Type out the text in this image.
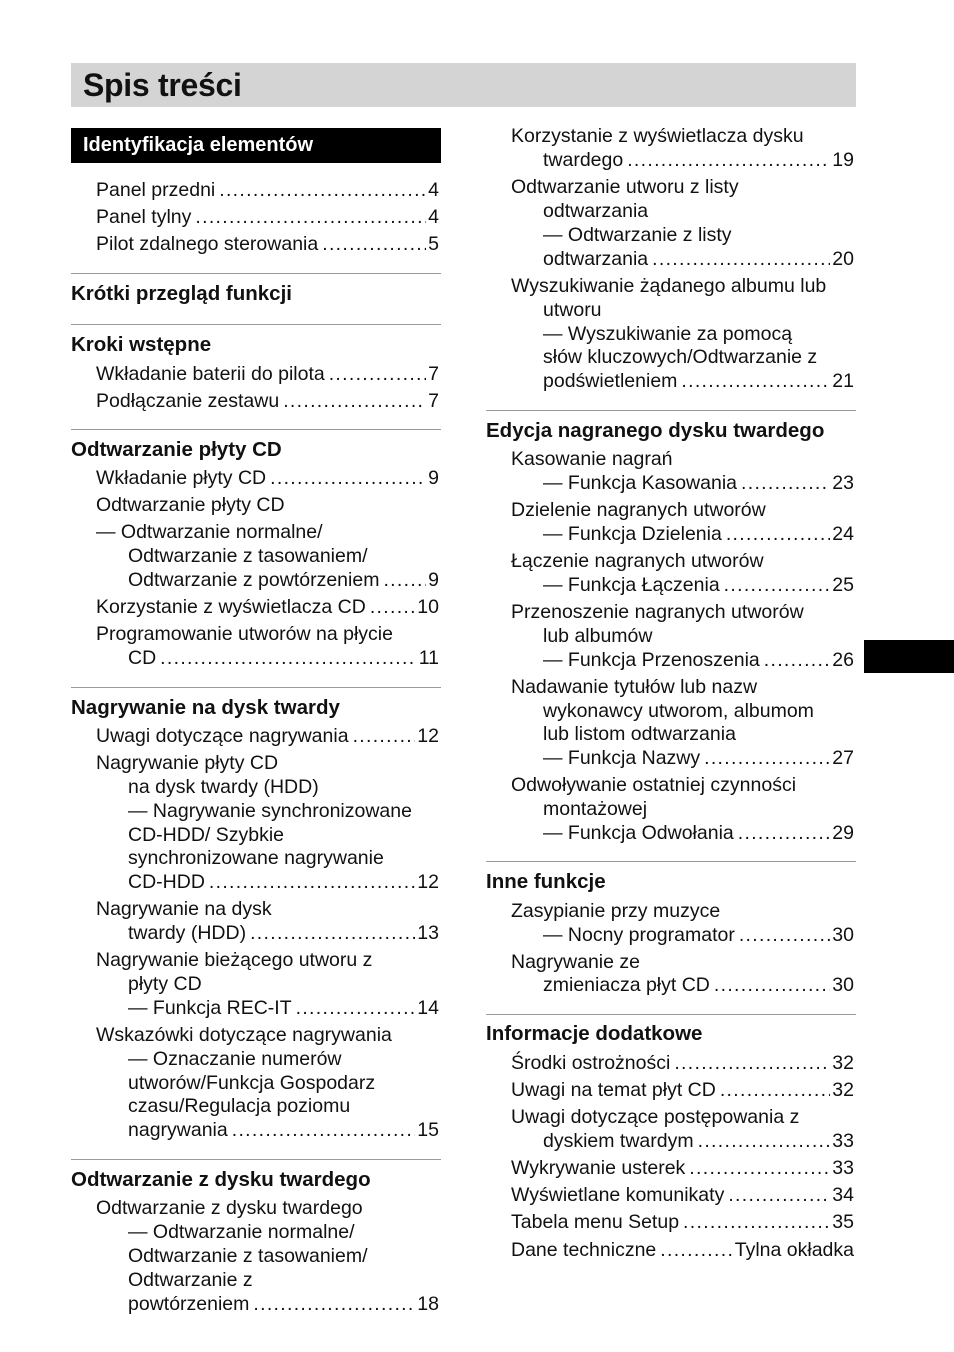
Spis treści
Identyfikacja elementów
Panel przedni .....	4
Panel tylny .....	4
Pilot zdalnego sterowania .....	5
Krótki przegląd funkcji
Kroki wstępne
Wkładanie baterii do pilota .....	7
Podłączanie zestawu .....	7
Odtwarzanie płyty CD
Wkładanie płyty CD .....	9
Odtwarzanie płyty CD
— Odtwarzanie normalne/
Odtwarzanie z tasowaniem/
Odtwarzanie z powtórzeniem ..... 9
Korzystanie z wyświetlacza CD .....	10
Programowanie utworów na płycie
CD .....	11
Nagrywanie na dysk twardy
Uwagi dotyczące nagrywania .....	12
Nagrywanie płyty CD
na dysk twardy (HDD)
— Nagrywanie synchronizowane
CD-HDD/ Szybkie
synchronizowane nagrywanie
CD-HDD .....	12
Nagrywanie na dysk
twardy (HDD) .....	13
Nagrywanie bieżącego utworu z
płyty CD
— Funkcja REC-IT .....	14
Wskazówki dotyczące nagrywania
— Oznaczanie numerów
utworów/Funkcja Gospodarz
czasu/Regulacja poziomu
nagrywania .....	15
Odtwarzanie z dysku twardego
Odtwarzanie z dysku twardego
— Odtwarzanie normalne/
Odtwarzanie z tasowaniem/
Odtwarzanie z
powtórzeniem .....	18
Korzystanie z wyświetlacza dysku
twardego .....	19
Odtwarzanie utworu z listy
odtwarzania
— Odtwarzanie z listy
odtwarzania .....	20
Wyszukiwanie żądanego albumu lub
utworu
— Wyszukiwanie za pomocą
słów kluczowych/Odtwarzanie z
podświetleniem .....	21
Edycja nagranego dysku twardego
Kasowanie nagrań
— Funkcja Kasowania .....	23
Dzielenie nagranych utworów
— Funkcja Dzielenia .....	24
Łączenie nagranych utworów
— Funkcja Łączenia .....	25
Przenoszenie nagranych utworów
lub albumów
— Funkcja Przenoszenia .....	26
Nadawanie tytułów lub nazw
wykonawcy utworom, albumom
lub listom odtwarzania
— Funkcja Nazwy .....	27
Odwoływanie ostatniej czynności
montażowej
— Funkcja Odwołania .....	29
Inne funkcje
Zasypianie przy muzyce
— Nocny programator .....	30
Nagrywanie ze
zmieniacza płyt CD .....	30
Informacje dodatkowe
Środki ostrożności .....	32
Uwagi na temat płyt CD .....	32
Uwagi dotyczące postępowania z
dyskiem twardym .....	33
Wykrywanie usterek .....	33
Wyświetlane komunikaty .....	34
Tabela menu Setup .....	35
Dane techniczne .....	Tylna okładka
